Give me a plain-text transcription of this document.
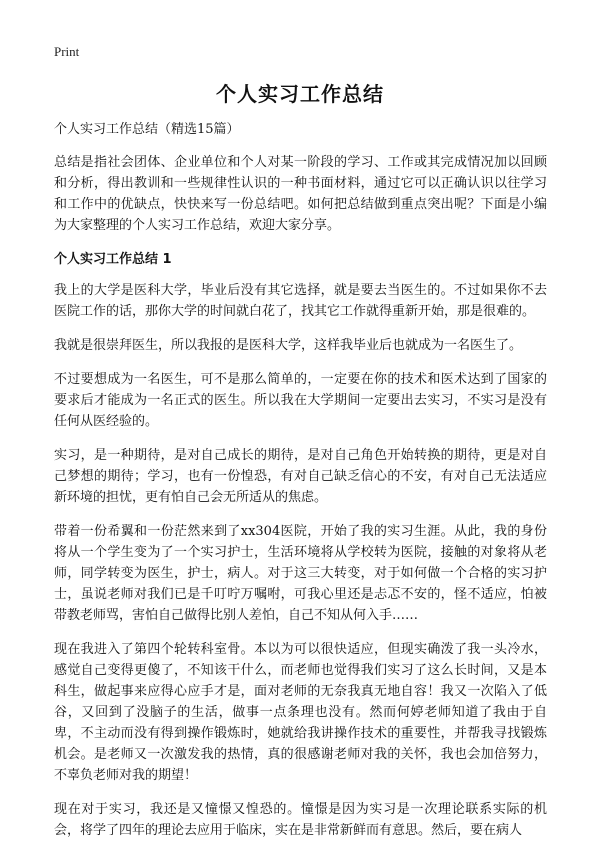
Print
个人实习工作总结

个人实习工作总结（精选15篇）

总结是指社会团体、企业单位和个人对某一阶段的学习、工作或其完成情况加以回顾和分析，得出教训和一些规律性认识的一种书面材料，通过它可以正确认识以往学习和工作中的优缺点，快快来写一份总结吧。如何把总结做到重点突出呢？下面是小编为大家整理的个人实习工作总结，欢迎大家分享。

个人实习工作总结 1

我上的大学是医科大学，毕业后没有其它选择，就是要去当医生的。不过如果你不去医院工作的话，那你大学的时间就白花了，找其它工作就得重新开始，那是很难的。

我就是很崇拜医生，所以我报的是医科大学，这样我毕业后也就成为一名医生了。

不过要想成为一名医生，可不是那么简单的，一定要在你的技术和医术达到了国家的要求后才能成为一名正式的医生。所以我在大学期间一定要出去实习，不实习是没有任何从医经验的。

实习，是一种期待，是对自己成长的期待，是对自己角色开始转换的期待，更是对自己梦想的期待；学习，也有一份惶恐，有对自己缺乏信心的不安，有对自己无法适应新环境的担忧，更有怕自己会无所适从的焦虑。

带着一份希翼和一份茫然来到了xx304医院，开始了我的实习生涯。从此，我的身份将从一个学生变为了一个实习护士，生活环境将从学校转为医院，接触的对象将从老师，同学转变为医生，护士，病人。对于这三大转变，对于如何做一个合格的实习护士，虽说老师对我们已是千叮咛万嘱咐，可我心里还是忐忑不安的，怪不适应，怕被带教老师骂，害怕自己做得比别人差怕，自己不知从何入手……

现在我进入了第四个轮转科室骨。本以为可以很快适应，但现实确泼了我一头冷水，感觉自己变得更傻了，不知该干什么，而老师也觉得我们实习了这么长时间，又是本科生，做起事来应得心应手才是，面对老师的无奈我真无地自容！我又一次陷入了低谷，又回到了没脑子的生活，做事一点条理也没有。然而何婷老师知道了我由于自卑，不主动而没有得到操作锻炼时，她就给我讲操作技术的重要性，并帮我寻找锻炼机会。是老师又一次激发我的热情，真的很感谢老师对我的关怀，我也会加倍努力，不辜负老师对我的期望！

现在对于实习，我还是又憧憬又惶恐的。憧憬是因为实习是一次理论联系实际的机会，将学了四年的理论去应用于临床，实在是非常新鲜而有意思。然后，要在病人
